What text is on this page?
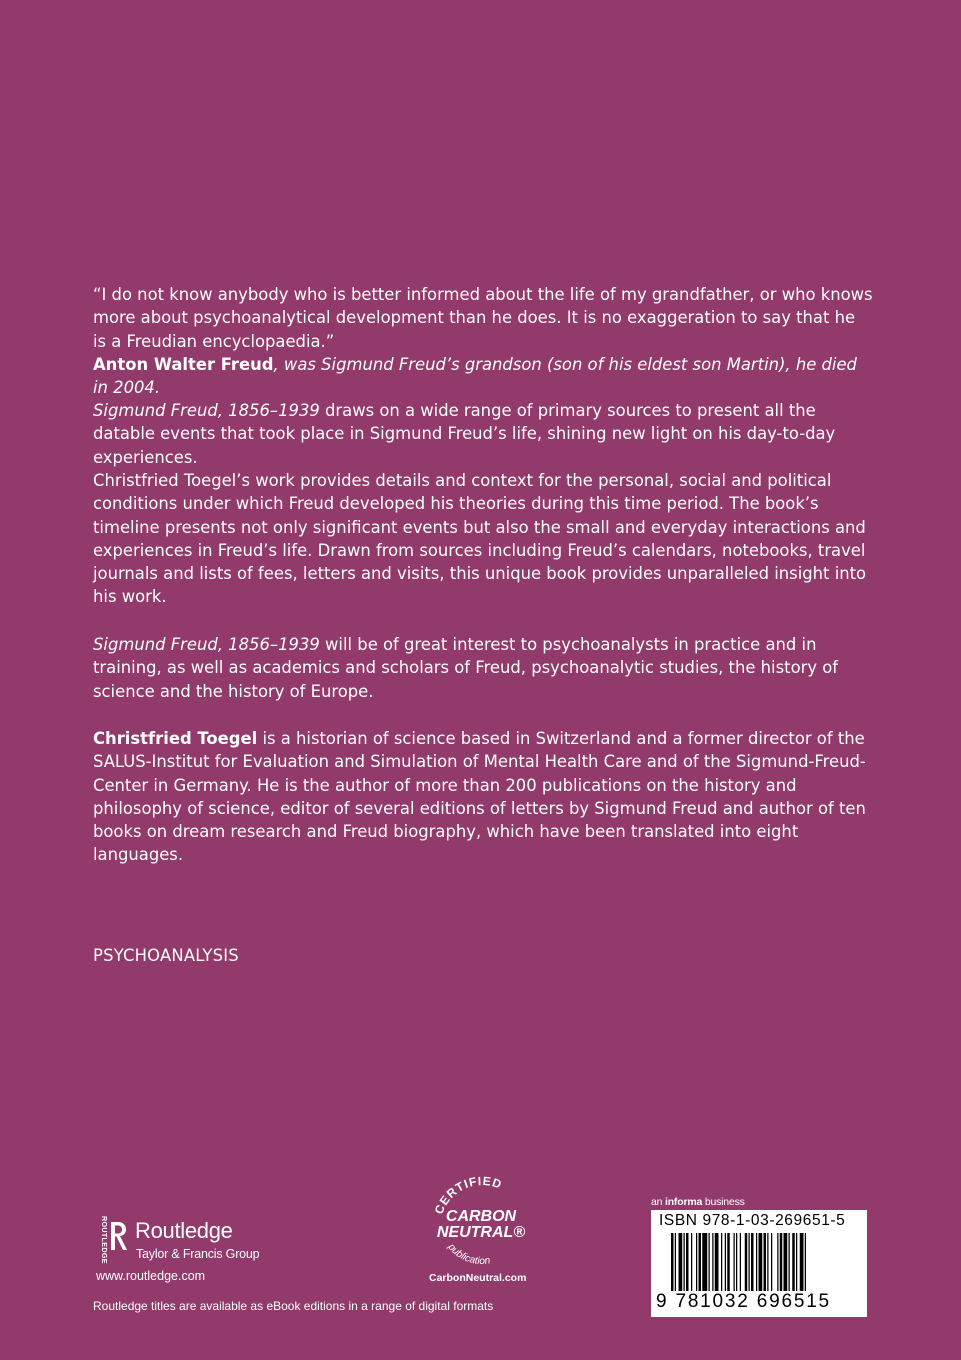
“I do not know anybody who is better informed about the life of my grandfather, or who knows more about psychoanalytical development than he does. It is no exaggeration to say that he is a Freudian encyclopaedia.”

Anton Walter Freud, was Sigmund Freud’s grandson (son of his eldest son Martin), he died in 2004.

Sigmund Freud, 1856–1939 draws on a wide range of primary sources to present all the datable events that took place in Sigmund Freud’s life, shining new light on his day-to-day experiences.

Christfried Toegel’s work provides details and context for the personal, social and political conditions under which Freud developed his theories during this time period. The book’s timeline presents not only significant events but also the small and everyday interactions and experiences in Freud’s life. Drawn from sources including Freud’s calendars, notebooks, travel journals and lists of fees, letters and visits, this unique book provides unparalleled insight into his work.

Sigmund Freud, 1856–1939 will be of great interest to psychoanalysts in practice and in training, as well as academics and scholars of Freud, psychoanalytic studies, the history of science and the history of Europe.

Christfried Toegel is a historian of science based in Switzerland and a former director of the SALUS-Institut for Evaluation and Simulation of Mental Health Care and of the Sigmund-Freud-Center in Germany. He is the author of more than 200 publications on the history and philosophy of science, editor of several editions of letters by Sigmund Freud and author of ten books on dream research and Freud biography, which have been translated into eight languages.

PSYCHOANALYSIS
ROUTLEDGE Routledge
Taylor & Francis Group
www.routledge.com
Routledge titles are available as eBook editions in a range of digital formats
CERTIFIED
CARBON
NEUTRAL®
publication
CarbonNeutral.com
an informa business
ISBN 978-1-03-269651-5
9 781032 696515
